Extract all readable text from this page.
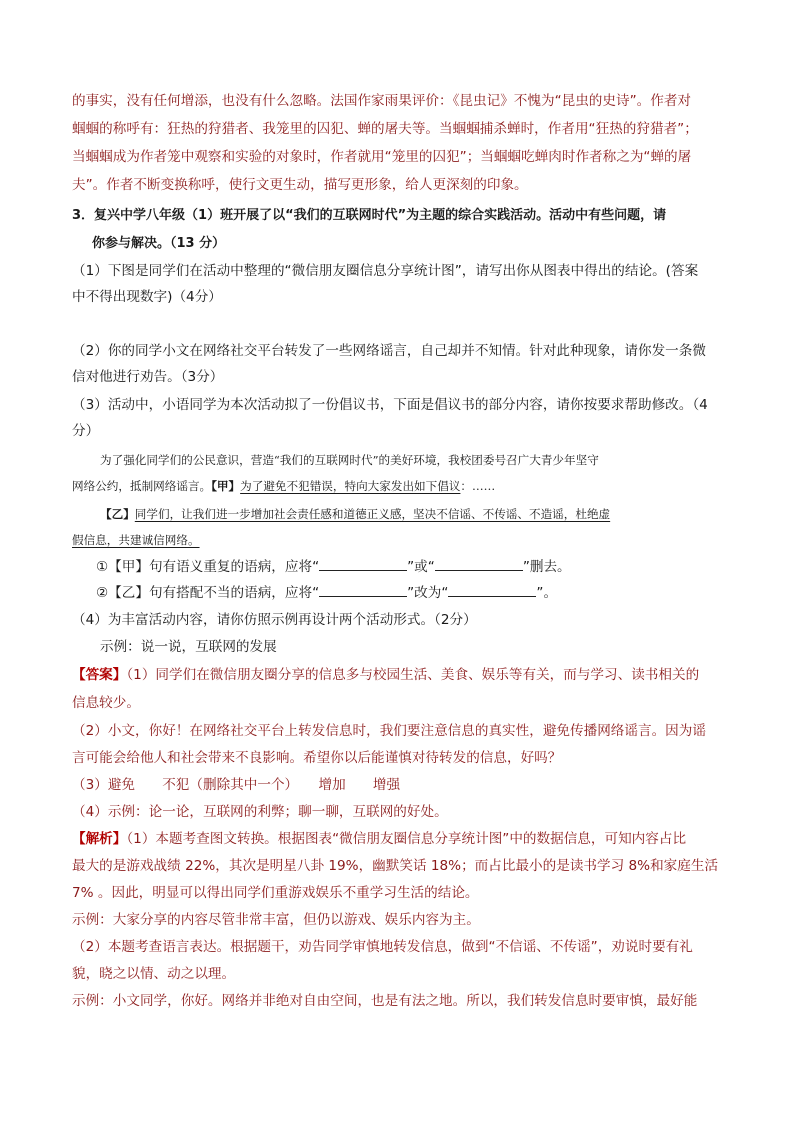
的事实，没有任何增添，也没有什么忽略。法国作家雨果评价：《昆虫记》不愧为“昆虫的史诗”。作者对
蝈蝈的称呼有：狂热的狩猎者、我笼里的囚犯、蝉的屠夫等。当蝈蝈捕杀蝉时，作者用“狂热的狩猎者”；
当蝈蝈成为作者笼中观察和实验的对象时，作者就用“笼里的囚犯”；当蝈蝈吃蝉肉时作者称之为“蝉的屠
夫”。作者不断变换称呼，使行文更生动，描写更形象，给人更深刻的印象。
3．复兴中学八年级（1）班开展了以“我们的互联网时代”为主题的综合实践活动。活动中有些问题，请
你参与解决。（13 分）
（1）下图是同学们在活动中整理的“微信朋友圈信息分享统计图”，请写出你从图表中得出的结论。(答案
中不得出现数字)（4分）
（2）你的同学小文在网络社交平台转发了一些网络谣言，自己却并不知情。针对此种现象，请你发一条微
信对他进行劝告。（3分）
（3）活动中，小语同学为本次活动拟了一份倡议书，下面是倡议书的部分内容，请你按要求帮助修改。（4
分）
为了强化同学们的公民意识，营造“我们的互联网时代”的美好环境，我校团委号召广大青少年坚守
网络公约，抵制网络谣言。【甲】为了避免不犯错误，特向大家发出如下倡议：……
【乙】同学们，让我们进一步增加社会责任感和道德正义感，坚决不信谣、不传谣、不造谣，杜绝虚
假信息，共建诚信网络。
①【甲】句有语义重复的语病，应将“	”或“	”删去。
②【乙】句有搭配不当的语病，应将“	”改为“	”。
（4）为丰富活动内容，请你仿照示例再设计两个活动形式。（2分）
示例：说一说，互联网的发展
【答案】（1）同学们在微信朋友圈分享的信息多与校园生活、美食、娱乐等有关，而与学习、读书相关的
信息较少。
（2）小文，你好！在网络社交平台上转发信息时，我们要注意信息的真实性，避免传播网络谣言。因为谣
言可能会给他人和社会带来不良影响。希望你以后能谨慎对待转发的信息，好吗？
（3）避免　　不犯（删除其中一个）　　增加　　增强
（4）示例：论一论，互联网的利弊；聊一聊，互联网的好处。
【解析】（1）本题考查图文转换。根据图表“微信朋友圈信息分享统计图”中的数据信息，可知内容占比
最大的是游戏战绩 22%，其次是明星八卦 19%，幽默笑话 18%；而占比最小的是读书学习 8%和家庭生活
7% 。因此，明显可以得出同学们重游戏娱乐不重学习生活的结论。
示例：大家分享的内容尽管非常丰富，但仍以游戏、娱乐内容为主。
（2）本题考查语言表达。根据题干，劝告同学审慎地转发信息，做到“不信谣、不传谣”，劝说时要有礼
貌，晓之以情、动之以理。
示例：小文同学，你好。网络并非绝对自由空间，也是有法之地。所以，我们转发信息时要审慎，最好能
